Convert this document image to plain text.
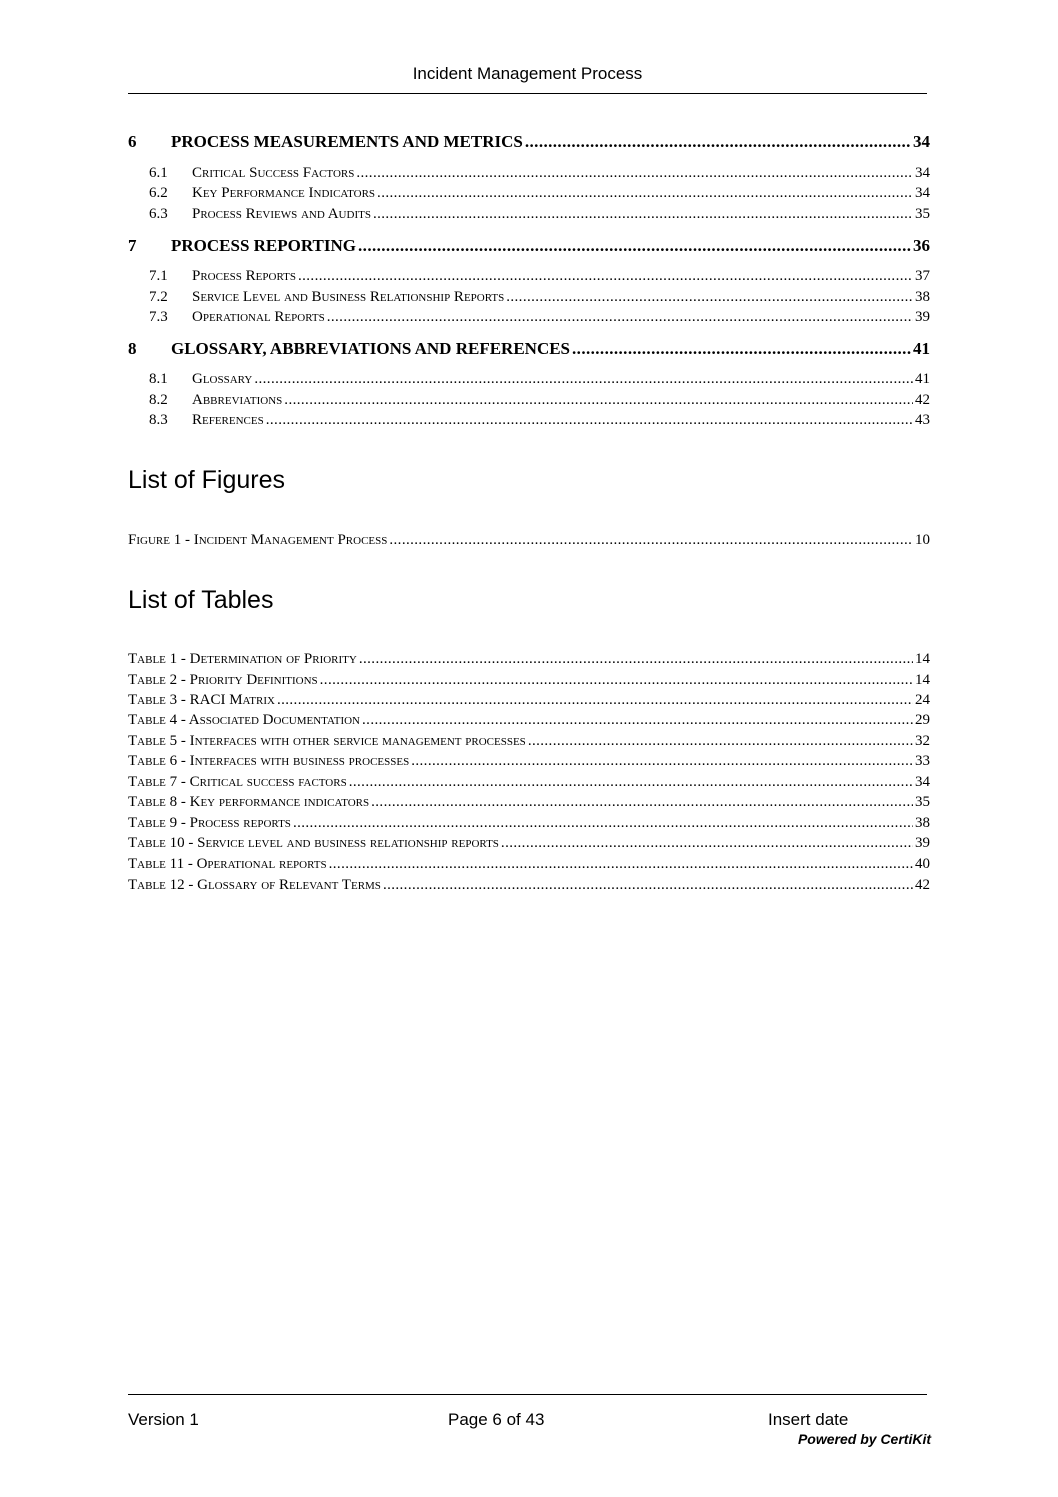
Incident Management Process
6	PROCESS MEASUREMENTS AND METRICS .....	34
6.1	Critical Success Factors .....	34
6.2	Key Performance Indicators .....	34
6.3	Process Reviews and Audits .....	35
7	PROCESS REPORTING .....	36
7.1	Process Reports .....	37
7.2	Service Level and Business Relationship Reports .....	38
7.3	Operational Reports .....	39
8	GLOSSARY, ABBREVIATIONS AND REFERENCES .....	41
8.1	Glossary .....	41
8.2	Abbreviations .....	42
8.3	References .....	43
List of Figures
Figure 1 - Incident Management Process .....	10
List of Tables
Table 1 - Determination of Priority .....	14
Table 2 - Priority Definitions .....	14
Table 3 - RACI Matrix .....	24
Table 4 - Associated Documentation .....	29
Table 5 - Interfaces with other service management processes .....	32
Table 6 - Interfaces with business processes .....	33
Table 7 - Critical success factors .....	34
Table 8 - Key performance indicators .....	35
Table 9 - Process reports .....	38
Table 10 - Service level and business relationship reports .....	39
Table 11 - Operational reports .....	40
Table 12 - Glossary of Relevant Terms .....	42
Version 1	Page 6 of 43	Insert date
Powered by CertiKit
